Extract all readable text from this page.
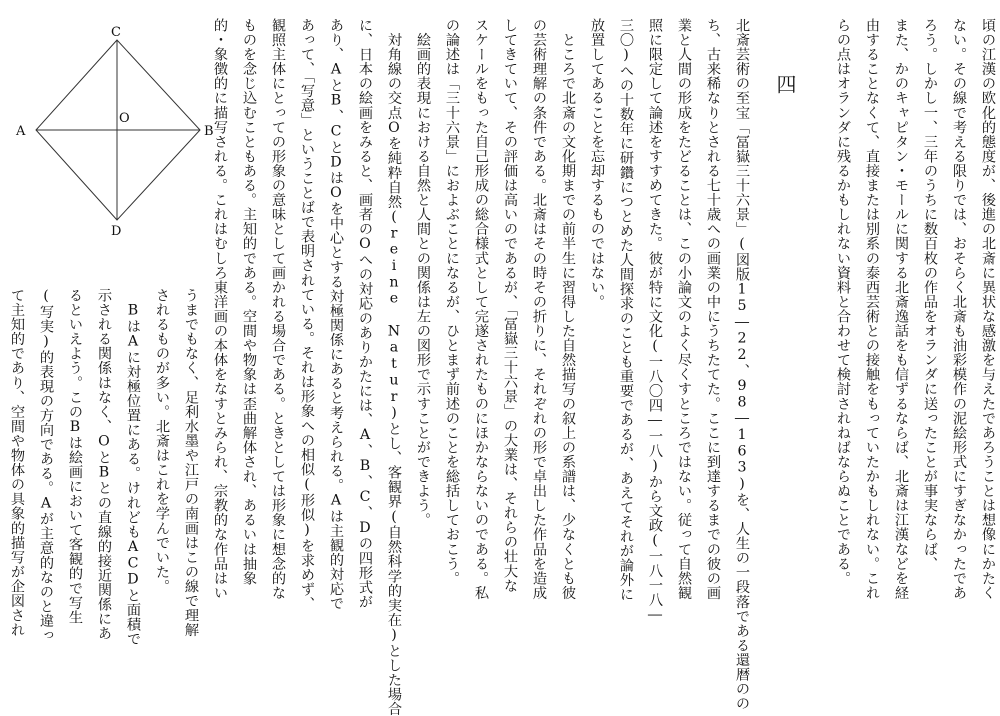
四	頃の江漢の欧化的態度が、後進の北斎に異状な感激を与えたであろうことは想像にかたく
ない。その線で考える限りでは、おそらく北斎も油彩模作の泥絵形式にすぎなかったであ
ろう。しかし一、三年のうちに数百枚の作品をオランダに送ったことが事実ならば、
また、かのキャピタン・モールに関する北斎逸話をも信ずるならば、北斎は江漢などを経
由することなくて、直接または別系の泰西芸術との接触をもっていたかもしれない。これ
らの点はオランダに残るかもしれない資料と合わせて検討されねばならぬことである。
北斎芸術の至宝「冨嶽三十六景」(図版15―22、98―163)を、人生の一段落である還暦のの
ち、古来稀なりとされる七十歳への画業の中にうちたてた。ここに到達するまでの彼の画
業と人間の形成をたどることは、この小論文のよく尽くすところではない。従って自然観
照に限定して論述をすすめてきた。彼が特に文化(一八〇四―一八)から文政(一八一八―
三〇)への十数年に研鑽につとめた人間探求のことも重要であるが、あえてそれが論外に
放置してあることを忘却するものではない。
　ところで北斎の文化期までの前半生に習得した自然描写の叙上の系譜は、少なくとも彼
の芸術理解の条件である。北斎はその時その折りに、それぞれの形で卓出した作品を造成
してきていて、その評価は高いのであるが、「冨嶽三十六景」の大業は、それらの壮大な
スケールをもった自己形成の総合様式として完遂されたものにほかならないのである。私
の論述は「三十六景」におよぶことになるが、ひとまず前述のことを総括しておこう。
　絵画的表現における自然と人間との関係は左の図形で示すことができよう。
　対角線の交点Oを純粋自然(reine Natur)とし、客観界(自然科学的実在)とした場合
に、日本の絵画をみると、画者のOへの対応のありかたには、A、B、C、Dの四形式が
あり、AとB、CとDはOを中心とする対極関係にあると考えられる。Aは主観的対応で
あって、「写意」ということばで表明されている。それは形象への相似(形似)を求めず、
観照主体にとっての形象の意味として画かれる場合である。ときとしては形象に想念的な
ものを念じ込むこともある。主知的である。空間や物象は歪曲解体され、あるいは抽象
的・象徴的に描写される。これはむしろ東洋画の本体をなすとみられ、宗教的な作品はい
うまでもなく、足利水墨や江戸の南画はこの線で理解
されるものが多い。北斎はこれを学んでいた。
　BはAに対極位置にある。けれどもACDと面積で
示される関係はなく、OとBとの直線的接近関係にあ
るといえよう。このBは絵画において客観的で写生
(写実)的表現の方向である。Aが主意的なのと違っ
て主知的であり、空間や物体の具象的描写が企図され
C
A
O
B
D
